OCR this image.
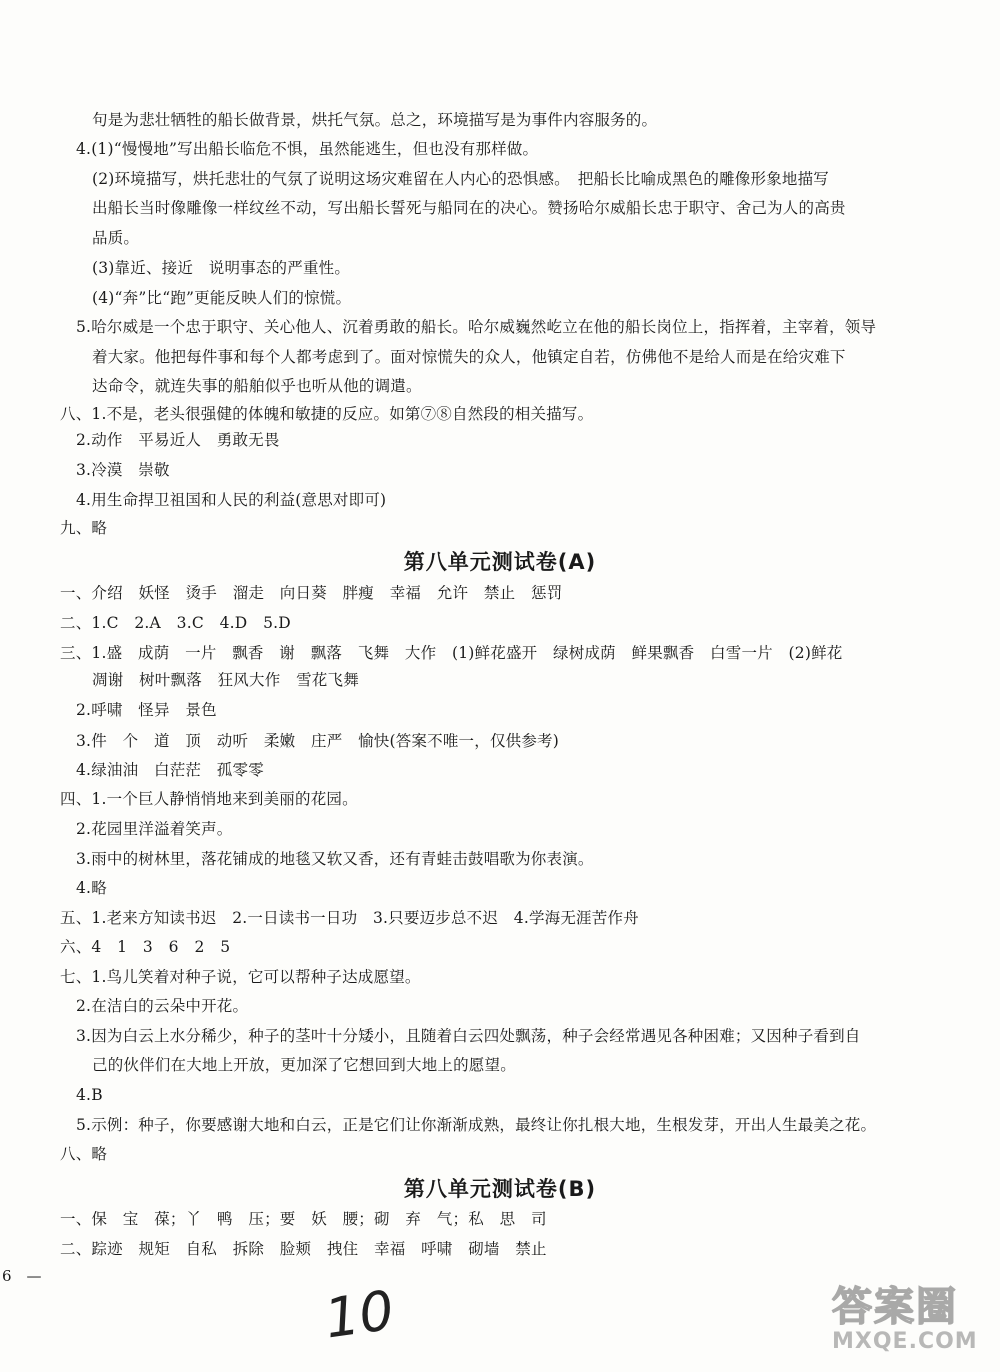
句是为悲壮牺牲的船长做背景，烘托气氛。总之，环境描写是为事件内容服务的。
4.(1)“慢慢地”写出船长临危不惧，虽然能逃生，但也没有那样做。
(2)环境描写，烘托悲壮的气氛了说明这场灾难留在人内心的恐惧感。　把船长比喻成黑色的雕像形象地描写
出船长当时像雕像一样纹丝不动，写出船长誓死与船同在的决心。赞扬哈尔威船长忠于职守、舍己为人的高贵
品质。
(3)靠近、接近　说明事态的严重性。
(4)“奔”比“跑”更能反映人们的惊慌。
5.哈尔威是一个忠于职守、关心他人、沉着勇敢的船长。哈尔威巍然屹立在他的船长岗位上，指挥着，主宰着，领导
着大家。他把每件事和每个人都考虑到了。面对惊慌失的众人，他镇定自若，仿佛他不是给人而是在给灾难下
达命令，就连失事的船舶似乎也听从他的调遣。
八、1.不是，老头很强健的体魄和敏捷的反应。如第⑦⑧自然段的相关描写。
2.动作　平易近人　勇敢无畏
3.冷漠　崇敬
4.用生命捍卫祖国和人民的利益(意思对即可)
九、略
第八单元测试卷(A)
一、介绍　妖怪　烫手　溜走　向日葵　胖瘦　幸福　允许　禁止　惩罚
二、1.C　2.A　3.C　4.D　5.D
三、1.盛　成荫　一片　飘香　谢　飘落　飞舞　大作　(1)鲜花盛开　绿树成荫　鲜果飘香　白雪一片　(2)鲜花
凋谢　树叶飘落　狂风大作　雪花飞舞
2.呼啸　怪异　景色
3.件　个　道　顶　动听　柔嫩　庄严　愉快(答案不唯一，仅供参考)
4.绿油油　白茫茫　孤零零
四、1.一个巨人静悄悄地来到美丽的花园。
2.花园里洋溢着笑声。
3.雨中的树林里，落花铺成的地毯又软又香，还有青蛙击鼓唱歌为你表演。
4.略
五、1.老来方知读书迟　2.一日读书一日功　3.只要迈步总不迟　4.学海无涯苦作舟
六、4　1　3　6　2　5
七、1.鸟儿笑着对种子说，它可以帮种子达成愿望。
2.在洁白的云朵中开花。
3.因为白云上水分稀少，种子的茎叶十分矮小，且随着白云四处飘荡，种子会经常遇见各种困难；又因种子看到自
己的伙伴们在大地上开放，更加深了它想回到大地上的愿望。
4.B
5.示例：种子，你要感谢大地和白云，正是它们让你渐渐成熟，最终让你扎根大地，生根发芽，开出人生最美之花。
八、略
第八单元测试卷(B)
一、保　宝　葆；丫　鸭　压；要　妖　腰；砌　弃　气；私　思　司
二、踪迹　规矩　自私　拆除　脸颊　拽住　幸福　呼啸　砌墙　禁止
6　—
10	答案圈
MXQE.COM
